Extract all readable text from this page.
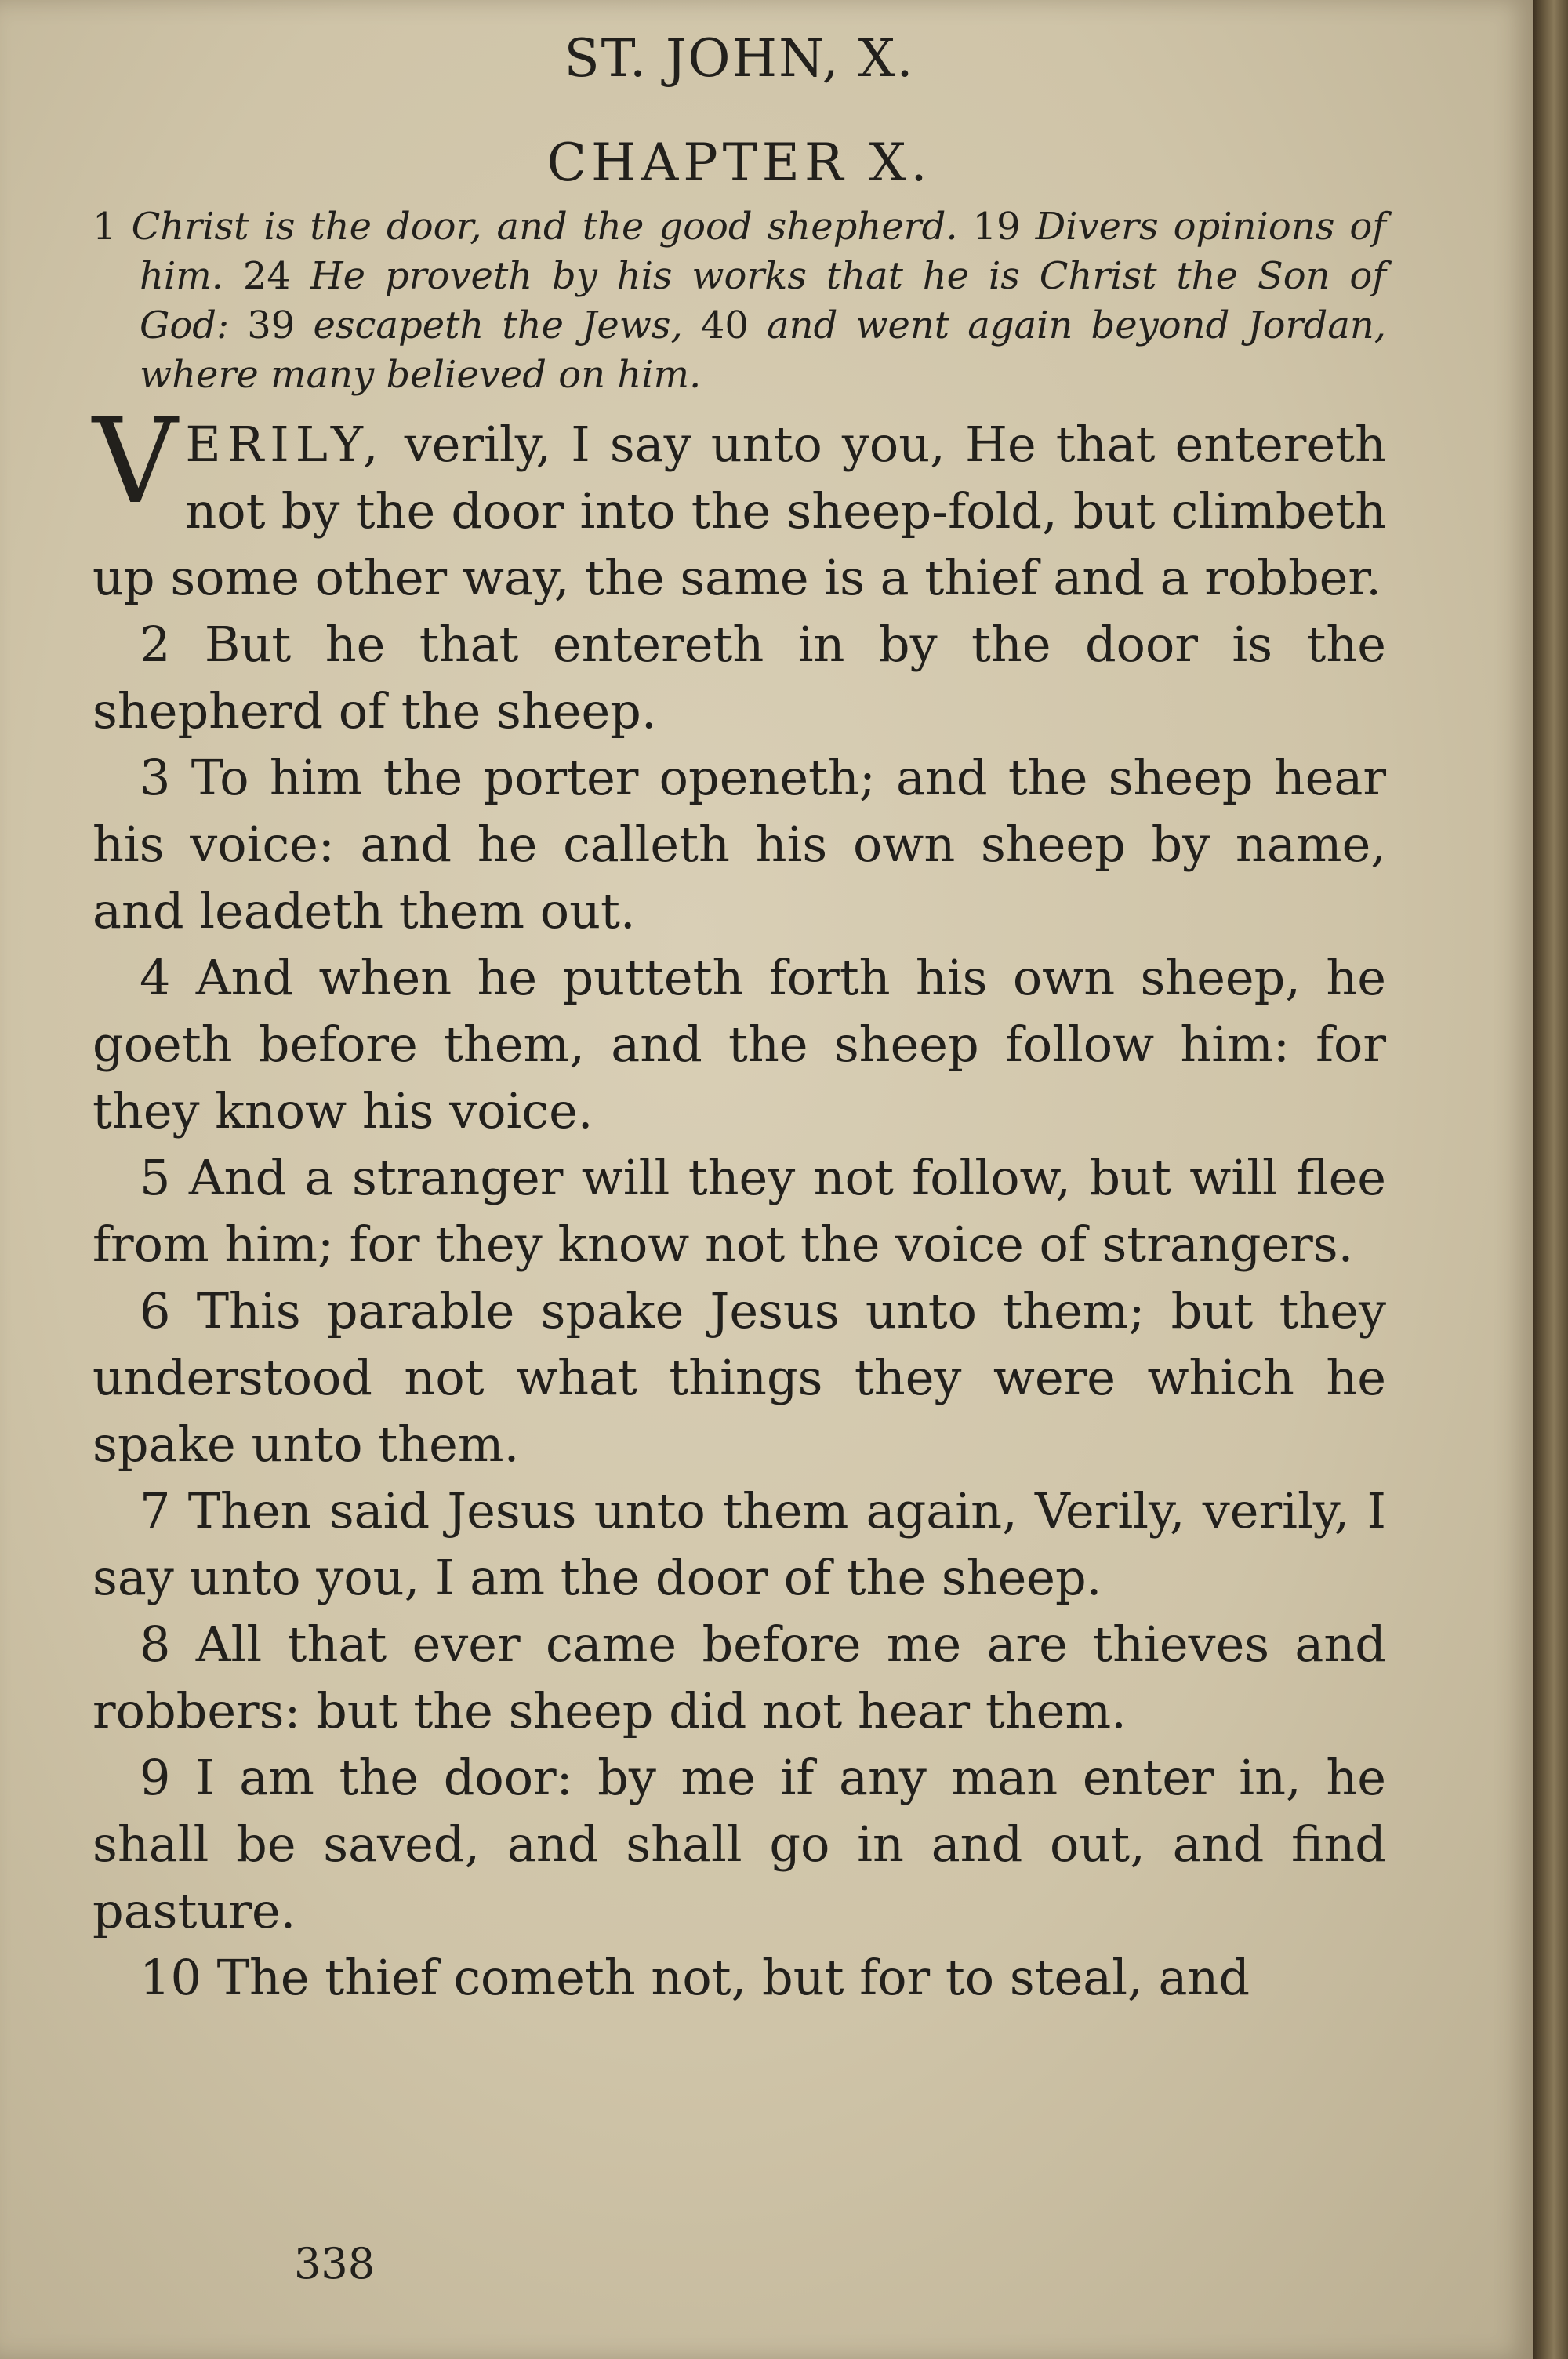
ST. JOHN, X.
CHAPTER X.

1 Christ is the door, and the good shepherd. 19 Divers opinions of him. 24 He proveth by his works that he is Christ the Son of God: 39 escapeth the Jews, 40 and went again beyond Jordan, where many believed on him.

VERILY, verily, I say unto you, He that entereth not by the door into the sheep-fold, but climbeth up some other way, the same is a thief and a robber.

2 But he that entereth in by the door is the shepherd of the sheep.

3 To him the porter openeth; and the sheep hear his voice: and he calleth his own sheep by name, and leadeth them out.

4 And when he putteth forth his own sheep, he goeth before them, and the sheep follow him: for they know his voice.

5 And a stranger will they not follow, but will flee from him; for they know not the voice of strangers.

6 This parable spake Jesus unto them; but they understood not what things they were which he spake unto them.

7 Then said Jesus unto them again, Verily, verily, I say unto you, I am the door of the sheep.

8 All that ever came before me are thieves and robbers: but the sheep did not hear them.

9 I am the door: by me if any man enter in, he shall be saved, and shall go in and out, and find pasture.

10 The thief cometh not, but for to steal, and

338
